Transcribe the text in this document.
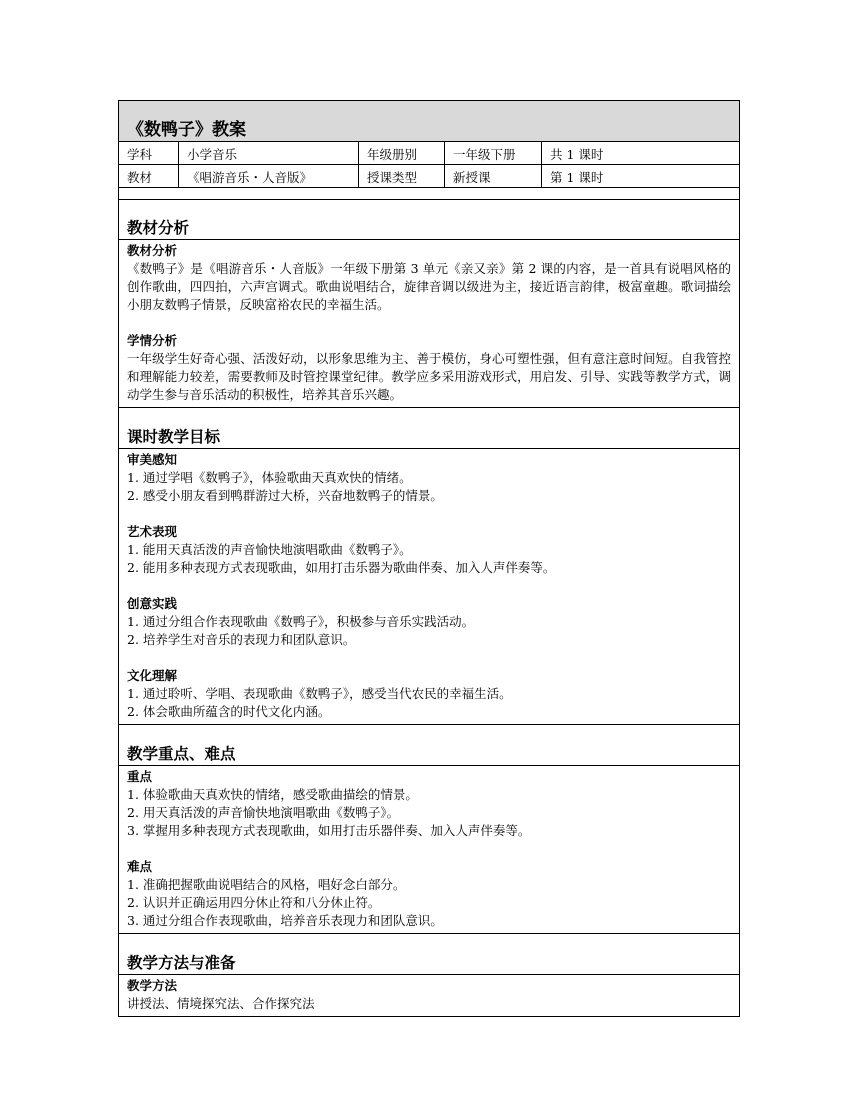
《数鸭子》教案
学科	小学音乐	年级册别	一年级下册	共 1 课时
教材	《唱游音乐・人音版》	授课类型	新授课	第 1 课时
教材分析
教材分析
《数鸭子》是《唱游音乐・人音版》一年级下册第 3 单元《亲又亲》第 2 课的内容，是一首具有说唱风格的创作歌曲，四四拍，六声宫调式。歌曲说唱结合，旋律音调以级进为主，接近语言韵律，极富童趣。歌词描绘小朋友数鸭子情景，反映富裕农民的幸福生活。
学情分析
一年级学生好奇心强、活泼好动，以形象思维为主、善于模仿，身心可塑性强，但有意注意时间短。自我管控和理解能力较差，需要教师及时管控课堂纪律。教学应多采用游戏形式，用启发、引导、实践等教学方式，调动学生参与音乐活动的积极性，培养其音乐兴趣。
课时教学目标
审美感知
1. 通过学唱《数鸭子》，体验歌曲天真欢快的情绪。
2. 感受小朋友看到鸭群游过大桥，兴奋地数鸭子的情景。
艺术表现
1. 能用天真活泼的声音愉快地演唱歌曲《数鸭子》。
2. 能用多种表现方式表现歌曲，如用打击乐器为歌曲伴奏、加入人声伴奏等。
创意实践
1. 通过分组合作表现歌曲《数鸭子》，积极参与音乐实践活动。
2. 培养学生对音乐的表现力和团队意识。
文化理解
1. 通过聆听、学唱、表现歌曲《数鸭子》，感受当代农民的幸福生活。
2. 体会歌曲所蕴含的时代文化内涵。
教学重点、难点
重点
1. 体验歌曲天真欢快的情绪，感受歌曲描绘的情景。
2. 用天真活泼的声音愉快地演唱歌曲《数鸭子》。
3. 掌握用多种表现方式表现歌曲，如用打击乐器伴奏、加入人声伴奏等。
难点
1. 准确把握歌曲说唱结合的风格，唱好念白部分。
2. 认识并正确运用四分休止符和八分休止符。
3. 通过分组合作表现歌曲，培养音乐表现力和团队意识。
教学方法与准备
教学方法
讲授法、情境探究法、合作探究法
